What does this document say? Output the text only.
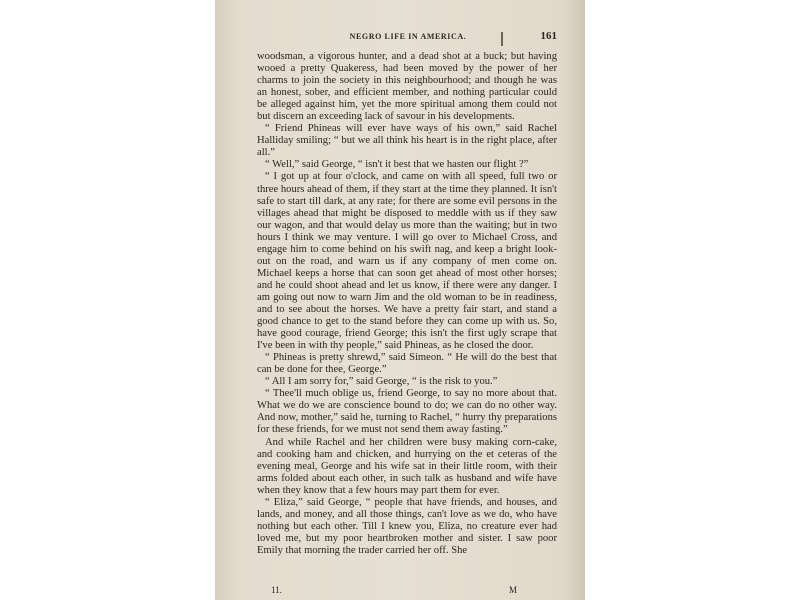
NEGRO LIFE IN AMERICA.	161

woodsman, a vigorous hunter, and a dead shot at a buck; but having wooed a pretty Quakeress, had been moved by the power of her charms to join the society in this neighbourhood; and though he was an honest, sober, and efficient member, and nothing particular could be alleged against him, yet the more spiritual among them could not but discern an exceeding lack of savour in his developments.

“ Friend Phineas will ever have ways of his own,” said Rachel Halliday smiling; “ but we all think his heart is in the right place, after all.”

“ Well,” said George, “ isn't it best that we hasten our flight ?”

“ I got up at four o'clock, and came on with all speed, full two or three hours ahead of them, if they start at the time they planned. It isn't safe to start till dark, at any rate; for there are some evil persons in the villages ahead that might be disposed to meddle with us if they saw our wagon, and that would delay us more than the waiting; but in two hours I think we may venture. I will go over to Michael Cross, and engage him to come behind on his swift nag, and keep a bright look-out on the road, and warn us if any company of men come on. Michael keeps a horse that can soon get ahead of most other horses; and he could shoot ahead and let us know, if there were any danger. I am going out now to warn Jim and the old woman to be in readiness, and to see about the horses. We have a pretty fair start, and stand a good chance to get to the stand before they can come up with us. So, have good courage, friend George; this isn't the first ugly scrape that I've been in with thy people,” said Phineas, as he closed the door.

“ Phineas is pretty shrewd,” said Simeon. “ He will do the best that can be done for thee, George.”

“ All I am sorry for,” said George, “ is the risk to you.”

“ Thee'll much oblige us, friend George, to say no more about that. What we do we are conscience bound to do; we can do no other way. And now, mother,” said he, turning to Rachel, “ hurry thy preparations for these friends, for we must not send them away fasting.”

And while Rachel and her children were busy making corn-cake, and cooking ham and chicken, and hurrying on the et ceteras of the evening meal, George and his wife sat in their little room, with their arms folded about each other, in such talk as husband and wife have when they know that a few hours may part them for ever.

“ Eliza,” said George, “ people that have friends, and houses, and lands, and money, and all those things, can't love as we do, who have nothing but each other. Till I knew you, Eliza, no creature ever had loved me, but my poor heartbroken mother and sister. I saw poor Emily that morning the trader carried her off. She

11.	M
